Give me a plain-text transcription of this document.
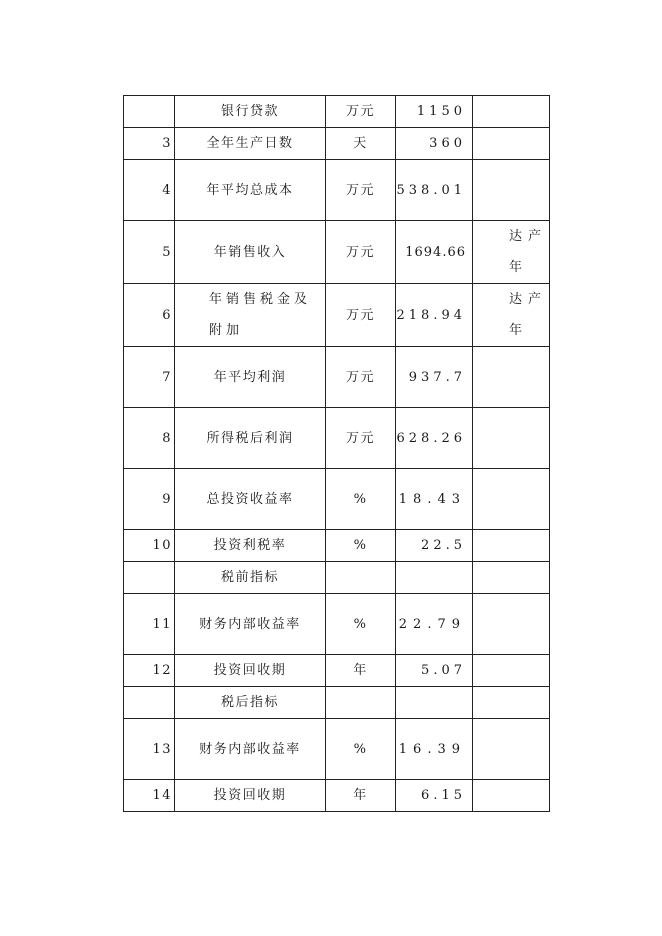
	银行贷款	万元	1150	
3	全年生产日数	天	360	
4	年平均总成本	万元	538.01	
5	年销售收入	万元	1694.66	达产年

6	年销售税金及附加	万元	218.94	达产年

7	年平均利润	万元	937.7	
8	所得税后利润	万元	628.26	
9	总投资收益率	%	18.43	
10	投资利税率	%	22.5	
	税前指标			
11	财务内部收益率	%	22.79	
12	投资回收期	年	5.07	
	税后指标			
13	财务内部收益率	%	16.39	
14	投资回收期	年	6.15	
